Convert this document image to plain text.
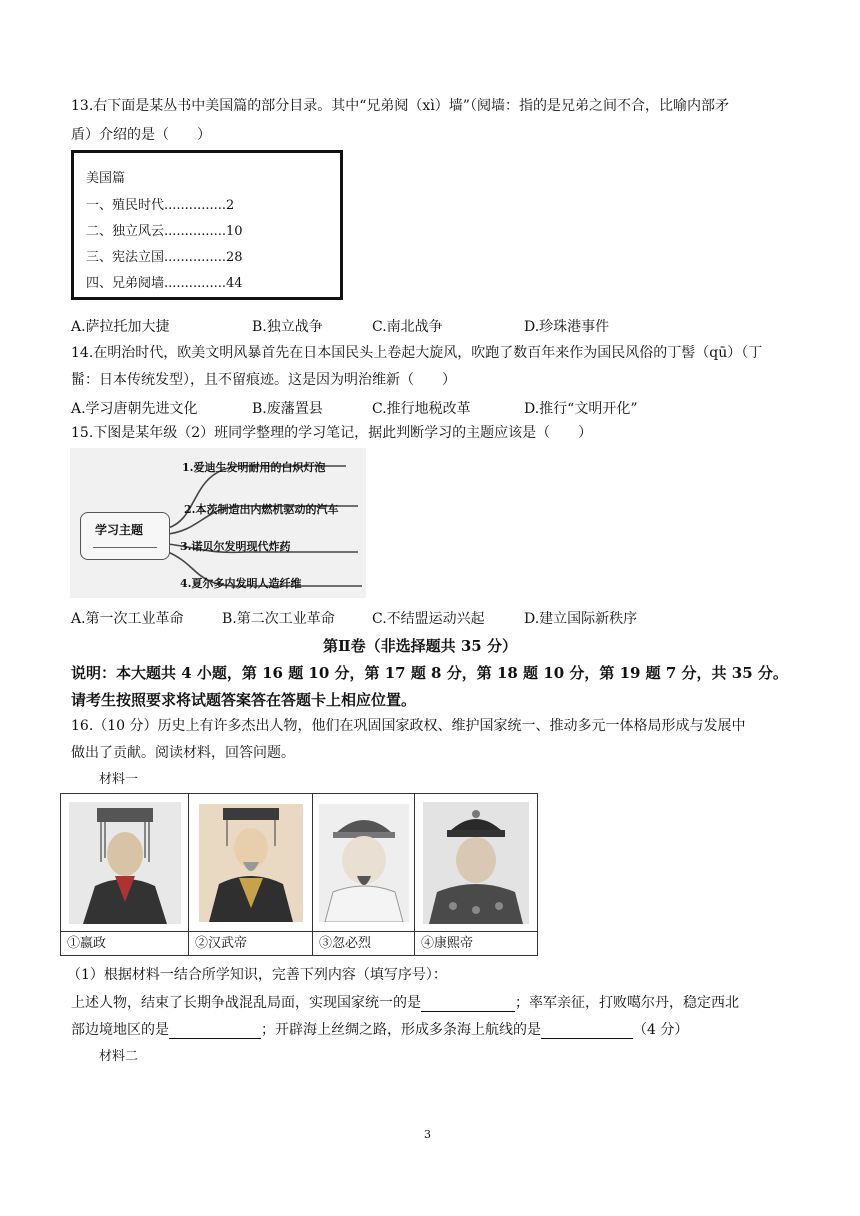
13.右下面是某丛书中美国篇的部分目录。其中“兄弟阋（xì）墙”（阋墙：指的是兄弟之间不合，比喻内部矛
盾）介绍的是（　　）
美国篇
一、殖民时代...............2
二、独立风云...............10
三、宪法立国...............28
四、兄弟阋墙...............44
A.萨拉托加大捷	B.独立战争	C.南北战争	D.珍珠港事件
14.在明治时代，欧美文明风暴首先在日本国民头上卷起大旋风，吹跑了数百年来作为国民风俗的丁髻（qū）（丁
髷：日本传统发型），且不留痕迹。这是因为明治维新（　　）
A.学习唐朝先进文化	B.废藩置县	C.推行地税改革	D.推行“文明开化”
15.下图是某年级（2）班同学整理的学习笔记，据此判断学习的主题应该是（　　）
学习主题
1.爱迪生发明耐用的白炽灯泡
2.本茨制造出内燃机驱动的汽车
3.诺贝尔发明现代炸药
4.夏尔多内发明人造纤维
A.第一次工业革命	B.第二次工业革命	C.不结盟运动兴起	D.建立国际新秩序
第Ⅱ卷（非选择题共 35 分）
说明：本大题共 4 小题，第 16 题 10 分，第 17 题 8 分，第 18 题 10 分，第 19 题 7 分，共 35 分。
请考生按照要求将试题答案答在答题卡上相应位置。
16.（10 分）历史上有许多杰出人物，他们在巩固国家政权、维护国家统一、推动多元一体格局形成与发展中
做出了贡献。阅读材料，回答问题。
材料一
①嬴政	②汉武帝	③忽必烈	④康熙帝
（1）根据材料一结合所学知识，完善下列内容（填写序号）：
上述人物，结束了长期争战混乱局面，实现国家统一的是	；率军亲征，打败噶尔丹，稳定西北
部边境地区的是	；开辟海上丝绸之路，形成多条海上航线的是	（4 分）
材料二
3
